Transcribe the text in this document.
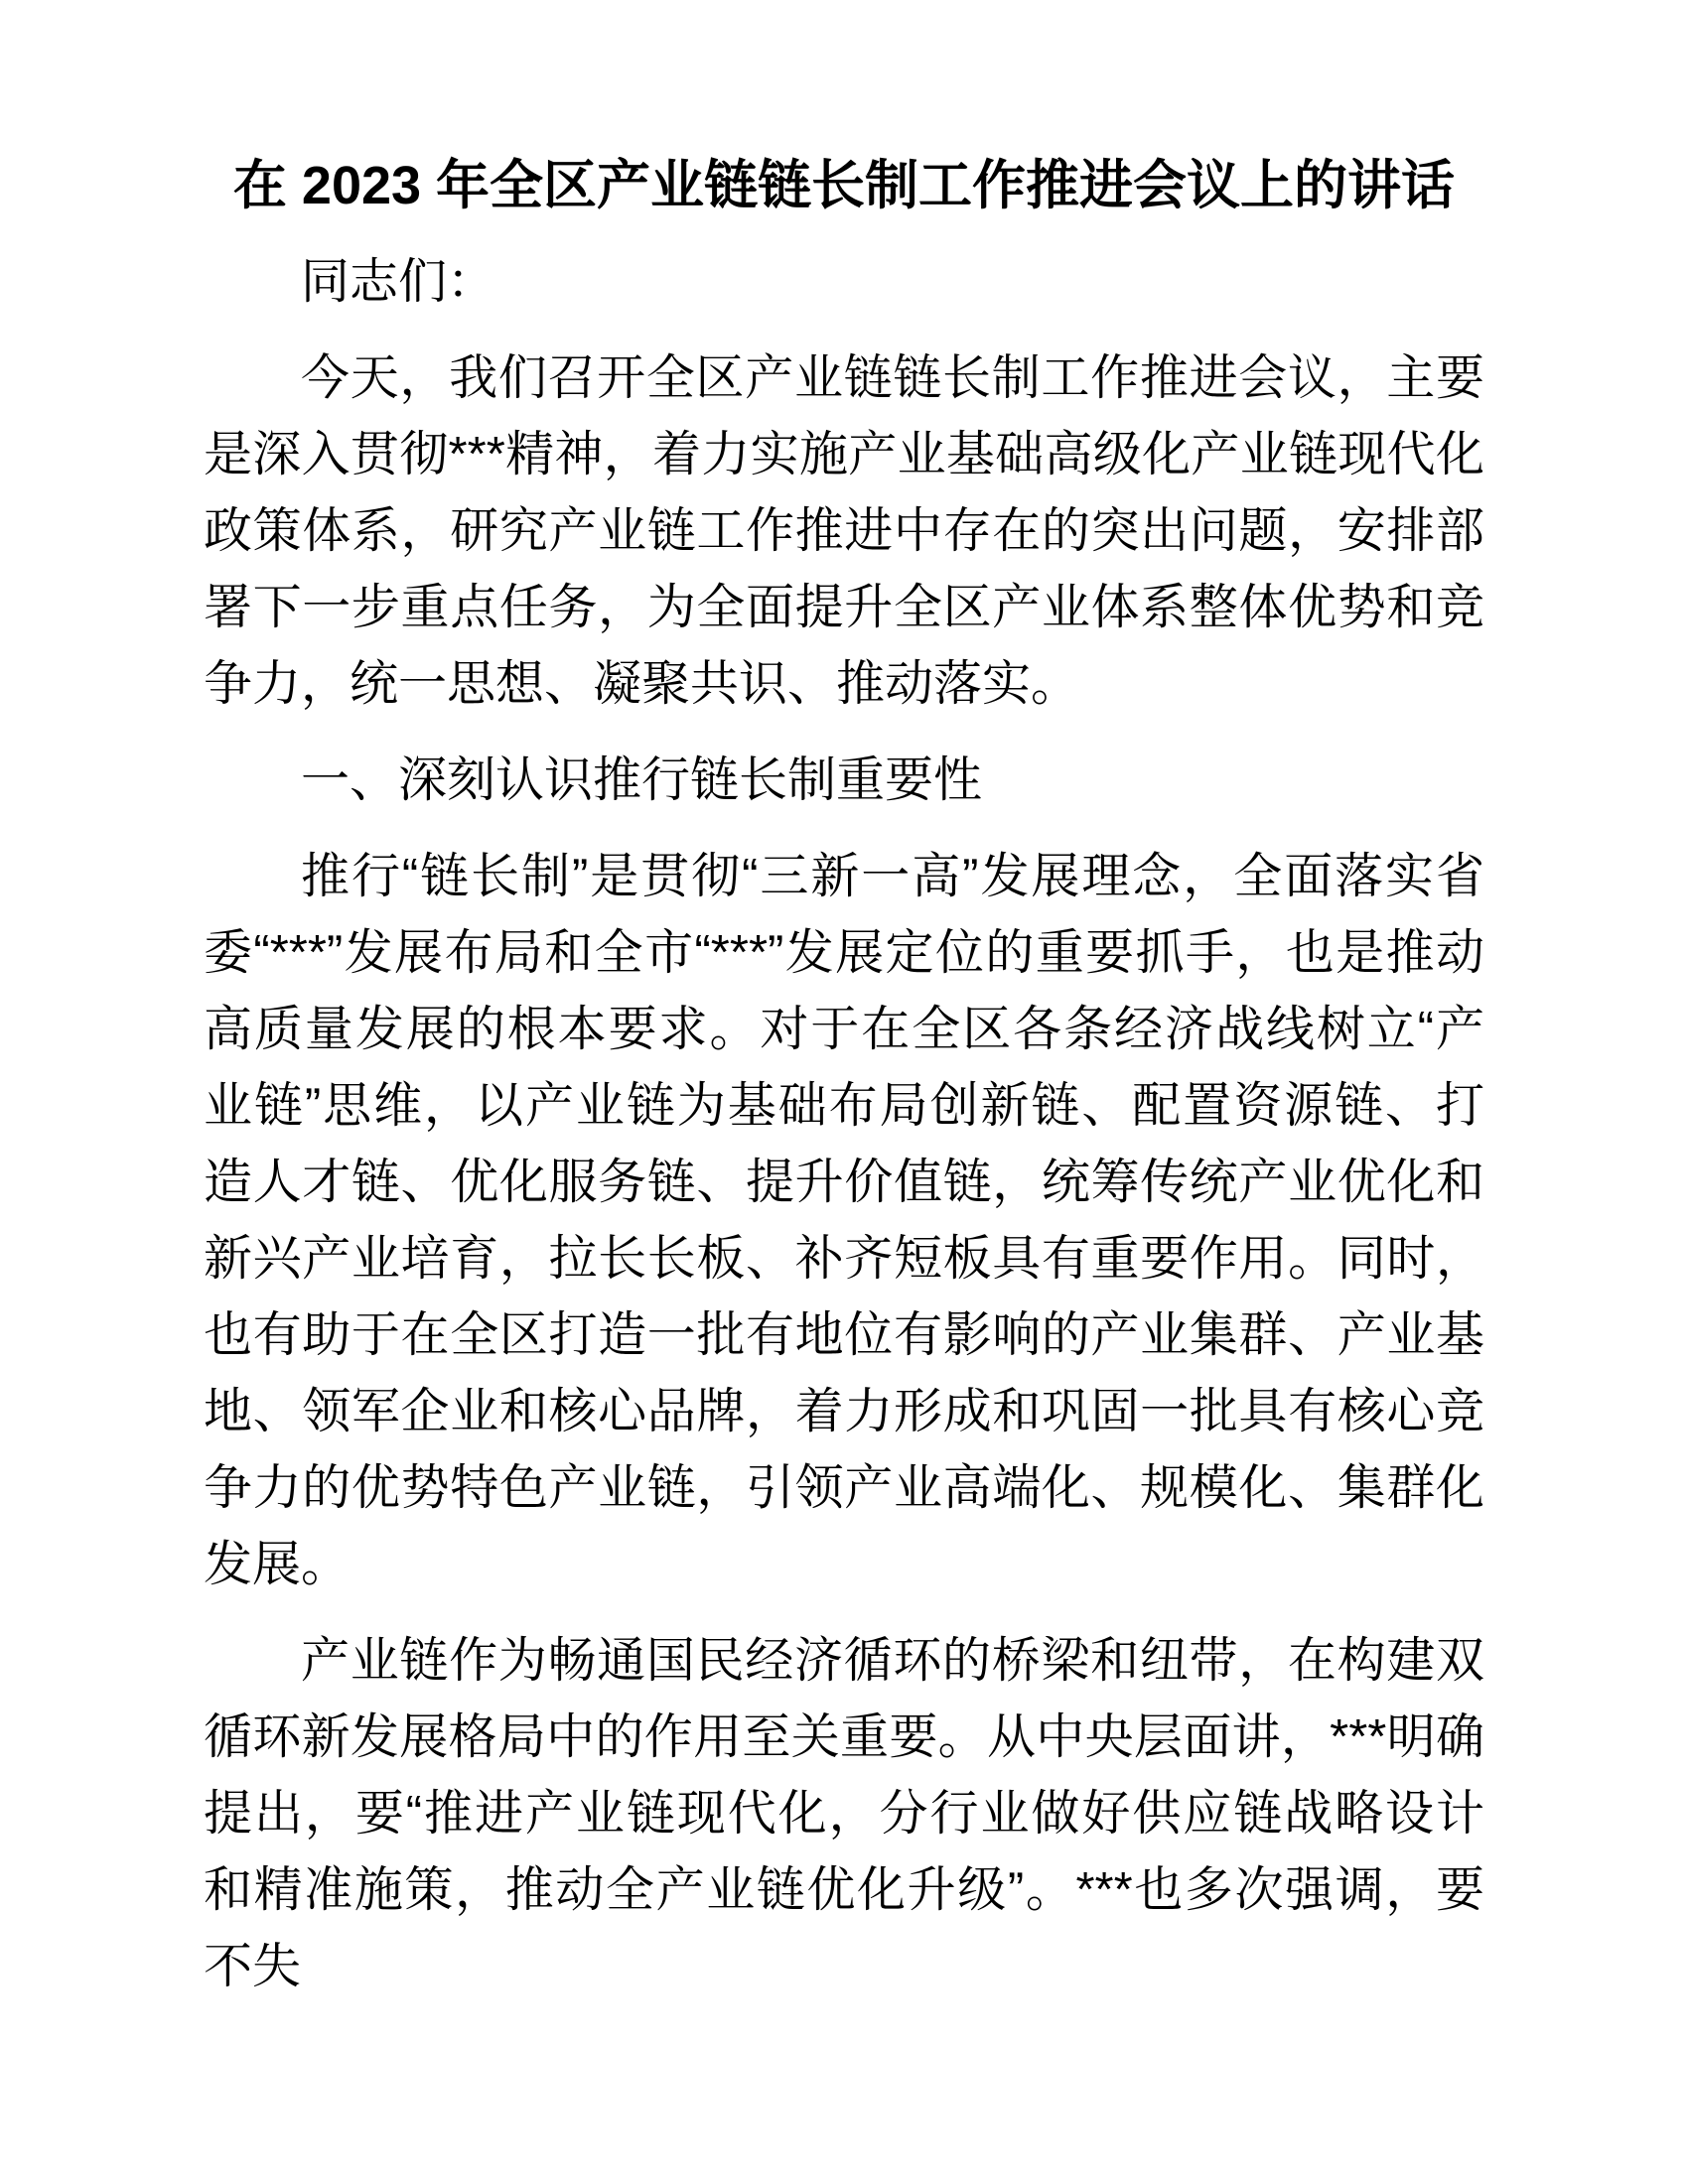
在 2023 年全区产业链链长制工作推进会议上的讲话

同志们：

今天，我们召开全区产业链链长制工作推进会议，主要是深入贯彻***精神，着力实施产业基础高级化产业链现代化政策体系，研究产业链工作推进中存在的突出问题，安排部署下一步重点任务，为全面提升全区产业体系整体优势和竞争力，统一思想、凝聚共识、推动落实。

一、深刻认识推行链长制重要性

推行“链长制”是贯彻“三新一高”发展理念，全面落实省委“***”发展布局和全市“***”发展定位的重要抓手，也是推动高质量发展的根本要求。对于在全区各条经济战线树立“产业链”思维，以产业链为基础布局创新链、配置资源链、打造人才链、优化服务链、提升价值链，统筹传统产业优化和新兴产业培育，拉长长板、补齐短板具有重要作用。同时，也有助于在全区打造一批有地位有影响的产业集群、产业基地、领军企业和核心品牌，着力形成和巩固一批具有核心竞争力的优势特色产业链，引领产业高端化、规模化、集群化发展。

产业链作为畅通国民经济循环的桥梁和纽带，在构建双循环新发展格局中的作用至关重要。从中央层面讲，***明确提出，要“推进产业链现代化，分行业做好供应链战略设计和精准施策，推动全产业链优化升级”。***也多次强调，要不失
